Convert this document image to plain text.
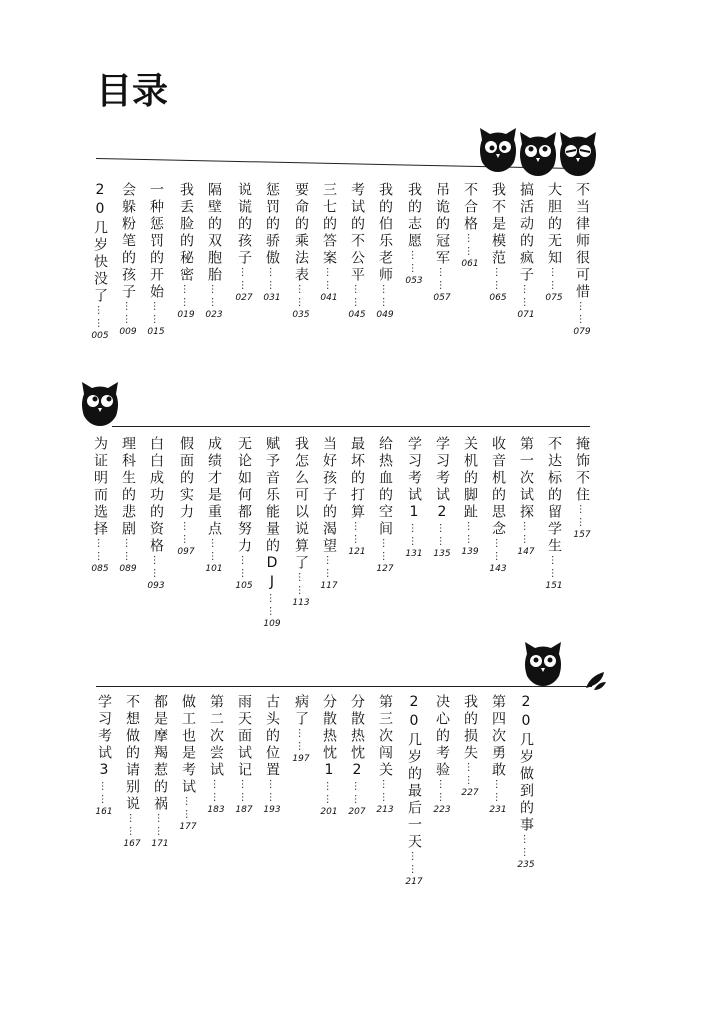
目录
20几岁快没了
……
005
会躲粉笔的孩子
……
009
一种惩罚的开始
……
015
我丢脸的秘密
……
019
隔壁的双胞胎
……
023
说谎的孩子
……
027
惩罚的骄傲
……
031
要命的乘法表
……
035
三七的答案
……
041
考试的不公平
……
045
我的伯乐老师
……
049
我的志愿
……
053
吊诡的冠军
……
057
不合格
……
061 我不是模范
……
065
搞活动的疯子
……
071
大胆的无知
……
075 不当律师很可惜
……
079
为证明而选择
……
085
理科生的悲剧
……
089
白白成功的资格
……
093
假面的实力
……
097
成绩才是重点
……
101
无论如何都努力
……
105 赋予音乐能量的DJ
……
109
我怎么可以说算了
……
113
当好孩子的渴望
……
117
最坏的打算
……
121
给热血的空间
……
127
学习考试1
……
131
学习考试2
……
135
关机的脚趾
……
139
收音机的思念
……
143
第一次试探
……
147 不达标的留学生
……
151
掩饰不住
……
157
学习考试3
……
161 不想做的请别说
……
167
都是摩羯惹的祸
……
171
做工也是考试
……
177
第二次尝试
……
183
雨天面试记
……
187
古头的位置
……
193
病了
……
197 分散热忱1
……
201
分散热忱2
……
207
第三次闯关
……
213 20几岁的最后一天
……
217
决心的考验
……
223
我的损失
……
227
第四次勇敢
……
231 20几岁做到的事
……
235
